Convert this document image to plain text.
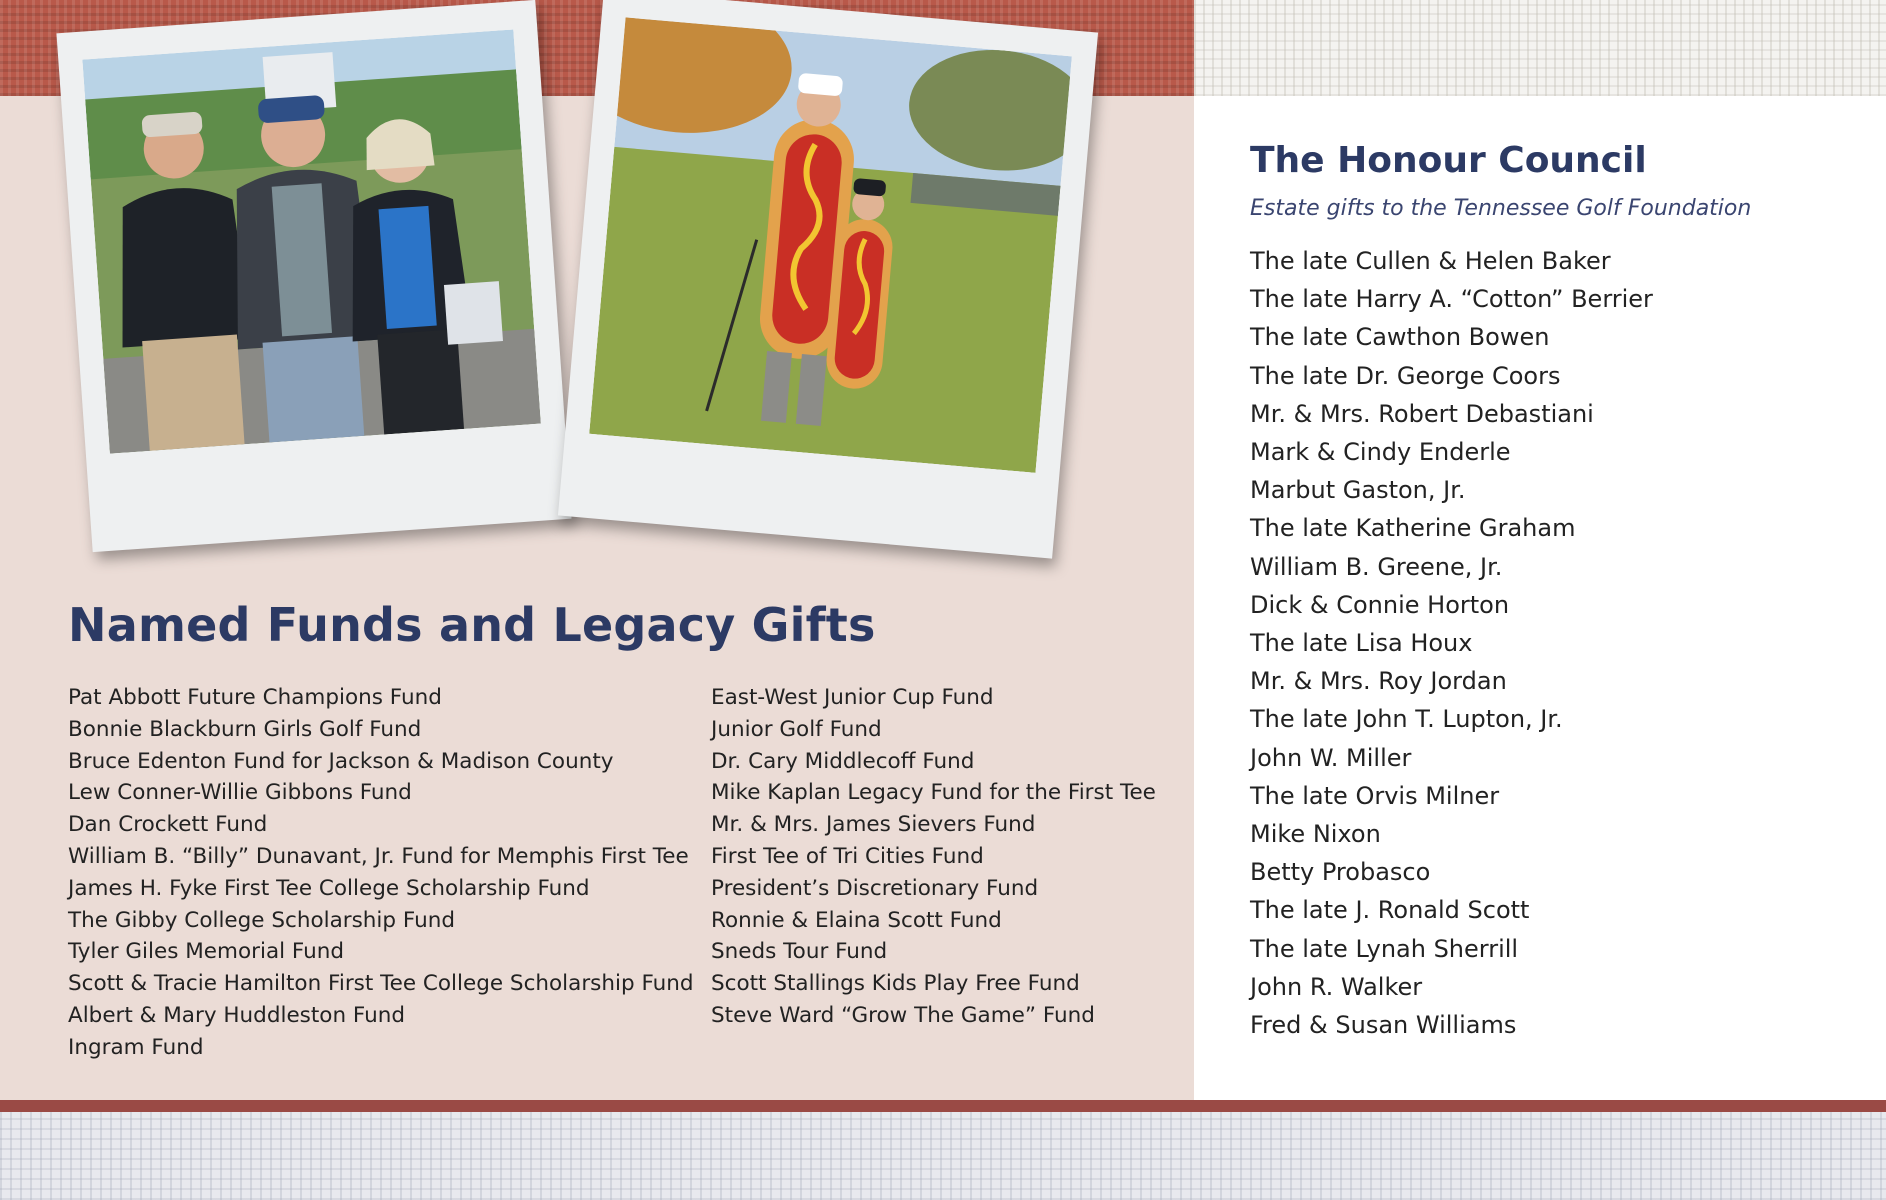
Named Funds and Legacy Gifts
Pat Abbott Future Champions Fund
Bonnie Blackburn Girls Golf Fund
Bruce Edenton Fund for Jackson & Madison County
Lew Conner-Willie Gibbons Fund
Dan Crockett Fund
William B. “Billy” Dunavant, Jr. Fund for Memphis First Tee
James H. Fyke First Tee College Scholarship Fund
The Gibby College Scholarship Fund
Tyler Giles Memorial Fund
Scott & Tracie Hamilton First Tee College Scholarship Fund
Albert & Mary Huddleston Fund
Ingram Fund
East-West Junior Cup Fund
Junior Golf Fund
Dr. Cary Middlecoff Fund
Mike Kaplan Legacy Fund for the First Tee
Mr. & Mrs. James Sievers Fund
First Tee of Tri Cities Fund
President’s Discretionary Fund
Ronnie & Elaina Scott Fund
Sneds Tour Fund
Scott Stallings Kids Play Free Fund
Steve Ward “Grow The Game” Fund
The Honour Council

Estate gifts to the Tennessee Golf Foundation

The late Cullen & Helen Baker
The late Harry A. “Cotton” Berrier
The late Cawthon Bowen
The late Dr. George Coors
Mr. & Mrs. Robert Debastiani
Mark & Cindy Enderle
Marbut Gaston, Jr.
The late Katherine Graham
William B. Greene, Jr.
Dick & Connie Horton
The late Lisa Houx
Mr. & Mrs. Roy Jordan
The late John T. Lupton, Jr.
John W. Miller
The late Orvis Milner
Mike Nixon
Betty Probasco
The late J. Ronald Scott
The late Lynah Sherrill
John R. Walker
Fred & Susan Williams
